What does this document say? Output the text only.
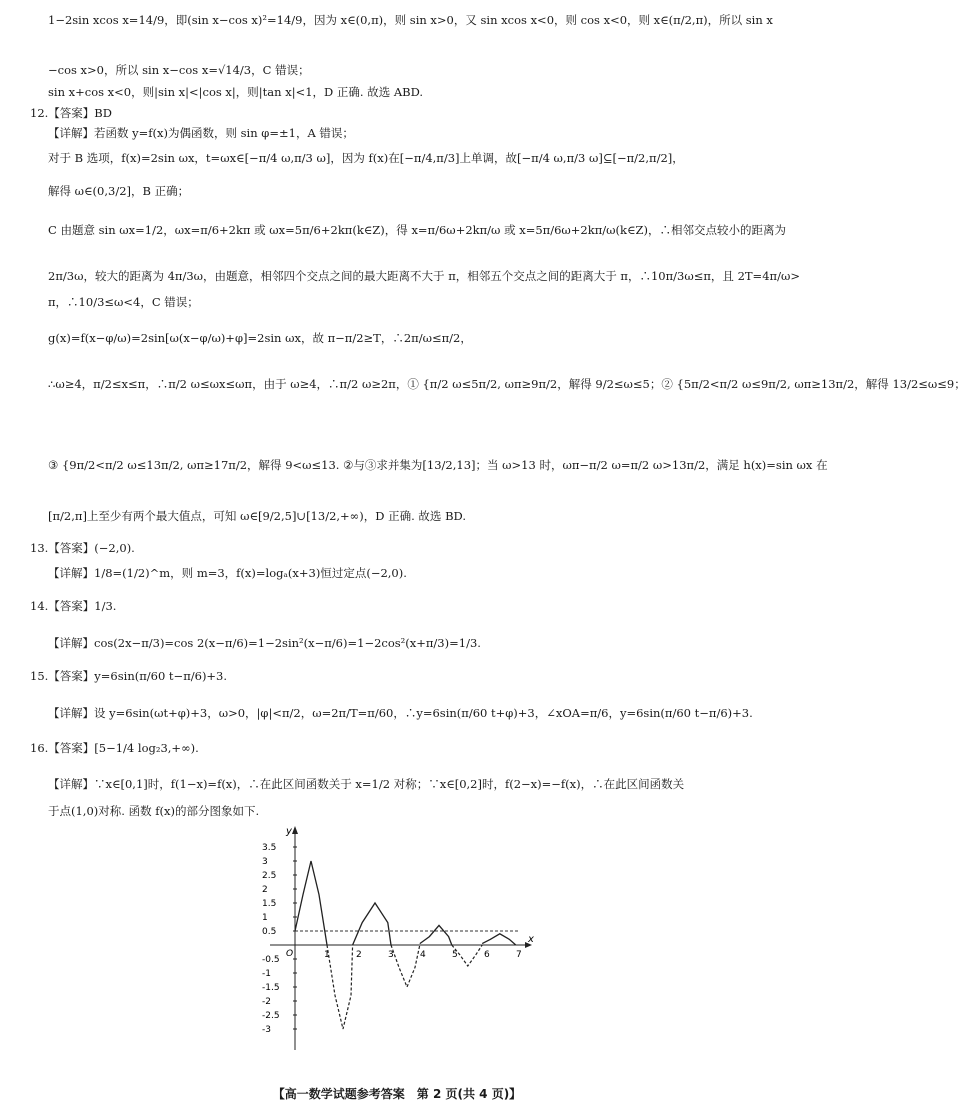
1−2sin xcos x=14/9，即(sin x−cos x)²=14/9，因为 x∈(0,π)，则 sin x>0，又 sin xcos x<0，则 cos x<0，则 x∈(π/2,π)，所以 sin x
−cos x>0，所以 sin x−cos x=√14/3，C 错误；
sin x+cos x<0，则|sin x|<|cos x|，则|tan x|<1，D 正确. 故选 ABD.
12.【答案】BD
【详解】若函数 y=f(x)为偶函数，则 sin φ=±1，A 错误；
对于 B 选项，f(x)=2sin ωx，t=ωx∈[−π/4 ω,π/3 ω]，因为 f(x)在[−π/4,π/3]上单调，故[−π/4 ω,π/3 ω]⊆[−π/2,π/2]，
解得 ω∈(0,3/2]，B 正确；
C 由题意 sin ωx=1/2，ωx=π/6+2kπ 或 ωx=5π/6+2kπ(k∈Z)，得 x=π/6ω+2kπ/ω 或 x=5π/6ω+2kπ/ω(k∈Z)，∴相邻交点较小的距离为
2π/3ω，较大的距离为 4π/3ω，由题意，相邻四个交点之间的最大距离不大于 π，相邻五个交点之间的距离大于 π，∴10π/3ω≤π，且 2T=4π/ω>
π，∴10/3≤ω<4，C 错误；
g(x)=f(x−φ/ω)=2sin[ω(x−φ/ω)+φ]=2sin ωx，故 π−π/2≥T，∴2π/ω≤π/2，
∴ω≥4，π/2≤x≤π，∴π/2 ω≤ωx≤ωπ，由于 ω≥4，∴π/2 ω≥2π，① {π/2 ω≤5π/2, ωπ≥9π/2，解得 9/2≤ω≤5；② {5π/2<π/2 ω≤9π/2, ωπ≥13π/2，解得 13/2≤ω≤9；
③ {9π/2<π/2 ω≤13π/2, ωπ≥17π/2，解得 9<ω≤13. ②与③求并集为[13/2,13]；当 ω>13 时，ωπ−π/2 ω=π/2 ω>13π/2，满足 h(x)=sin ωx 在
[π/2,π]上至少有两个最大值点，可知 ω∈[9/2,5]∪[13/2,+∞)，D 正确. 故选 BD.
13.【答案】(−2,0).
【详解】1/8=(1/2)^m，则 m=3，f(x)=logₐ(x+3)恒过定点(−2,0).
14.【答案】1/3.
【详解】cos(2x−π/3)=cos 2(x−π/6)=1−2sin²(x−π/6)=1−2cos²(x+π/3)=1/3.
15.【答案】y=6sin(π/60 t−π/6)+3.
【详解】设 y=6sin(ωt+φ)+3，ω>0，|φ|<π/2，ω=2π/T=π/60，∴y=6sin(π/60 t+φ)+3，∠xOA=π/6，y=6sin(π/60 t−π/6)+3.
16.【答案】[5−1/4 log₂3,+∞).
【详解】∵x∈[0,1]时，f(1−x)=f(x)，∴在此区间函数关于 x=1/2 对称；∵x∈[0,2]时，f(2−x)=−f(x)，∴在此区间函数关
于点(1,0)对称. 函数 f(x)的部分图象如下.
3.5
3
2.5
2
1.5
1
0.5
-0.5
-1
-1.5
-2
-2.5
-3
1	2	3	4	5	6	7
y
x
O
【高一数学试题参考答案　第 2 页(共 4 页)】
